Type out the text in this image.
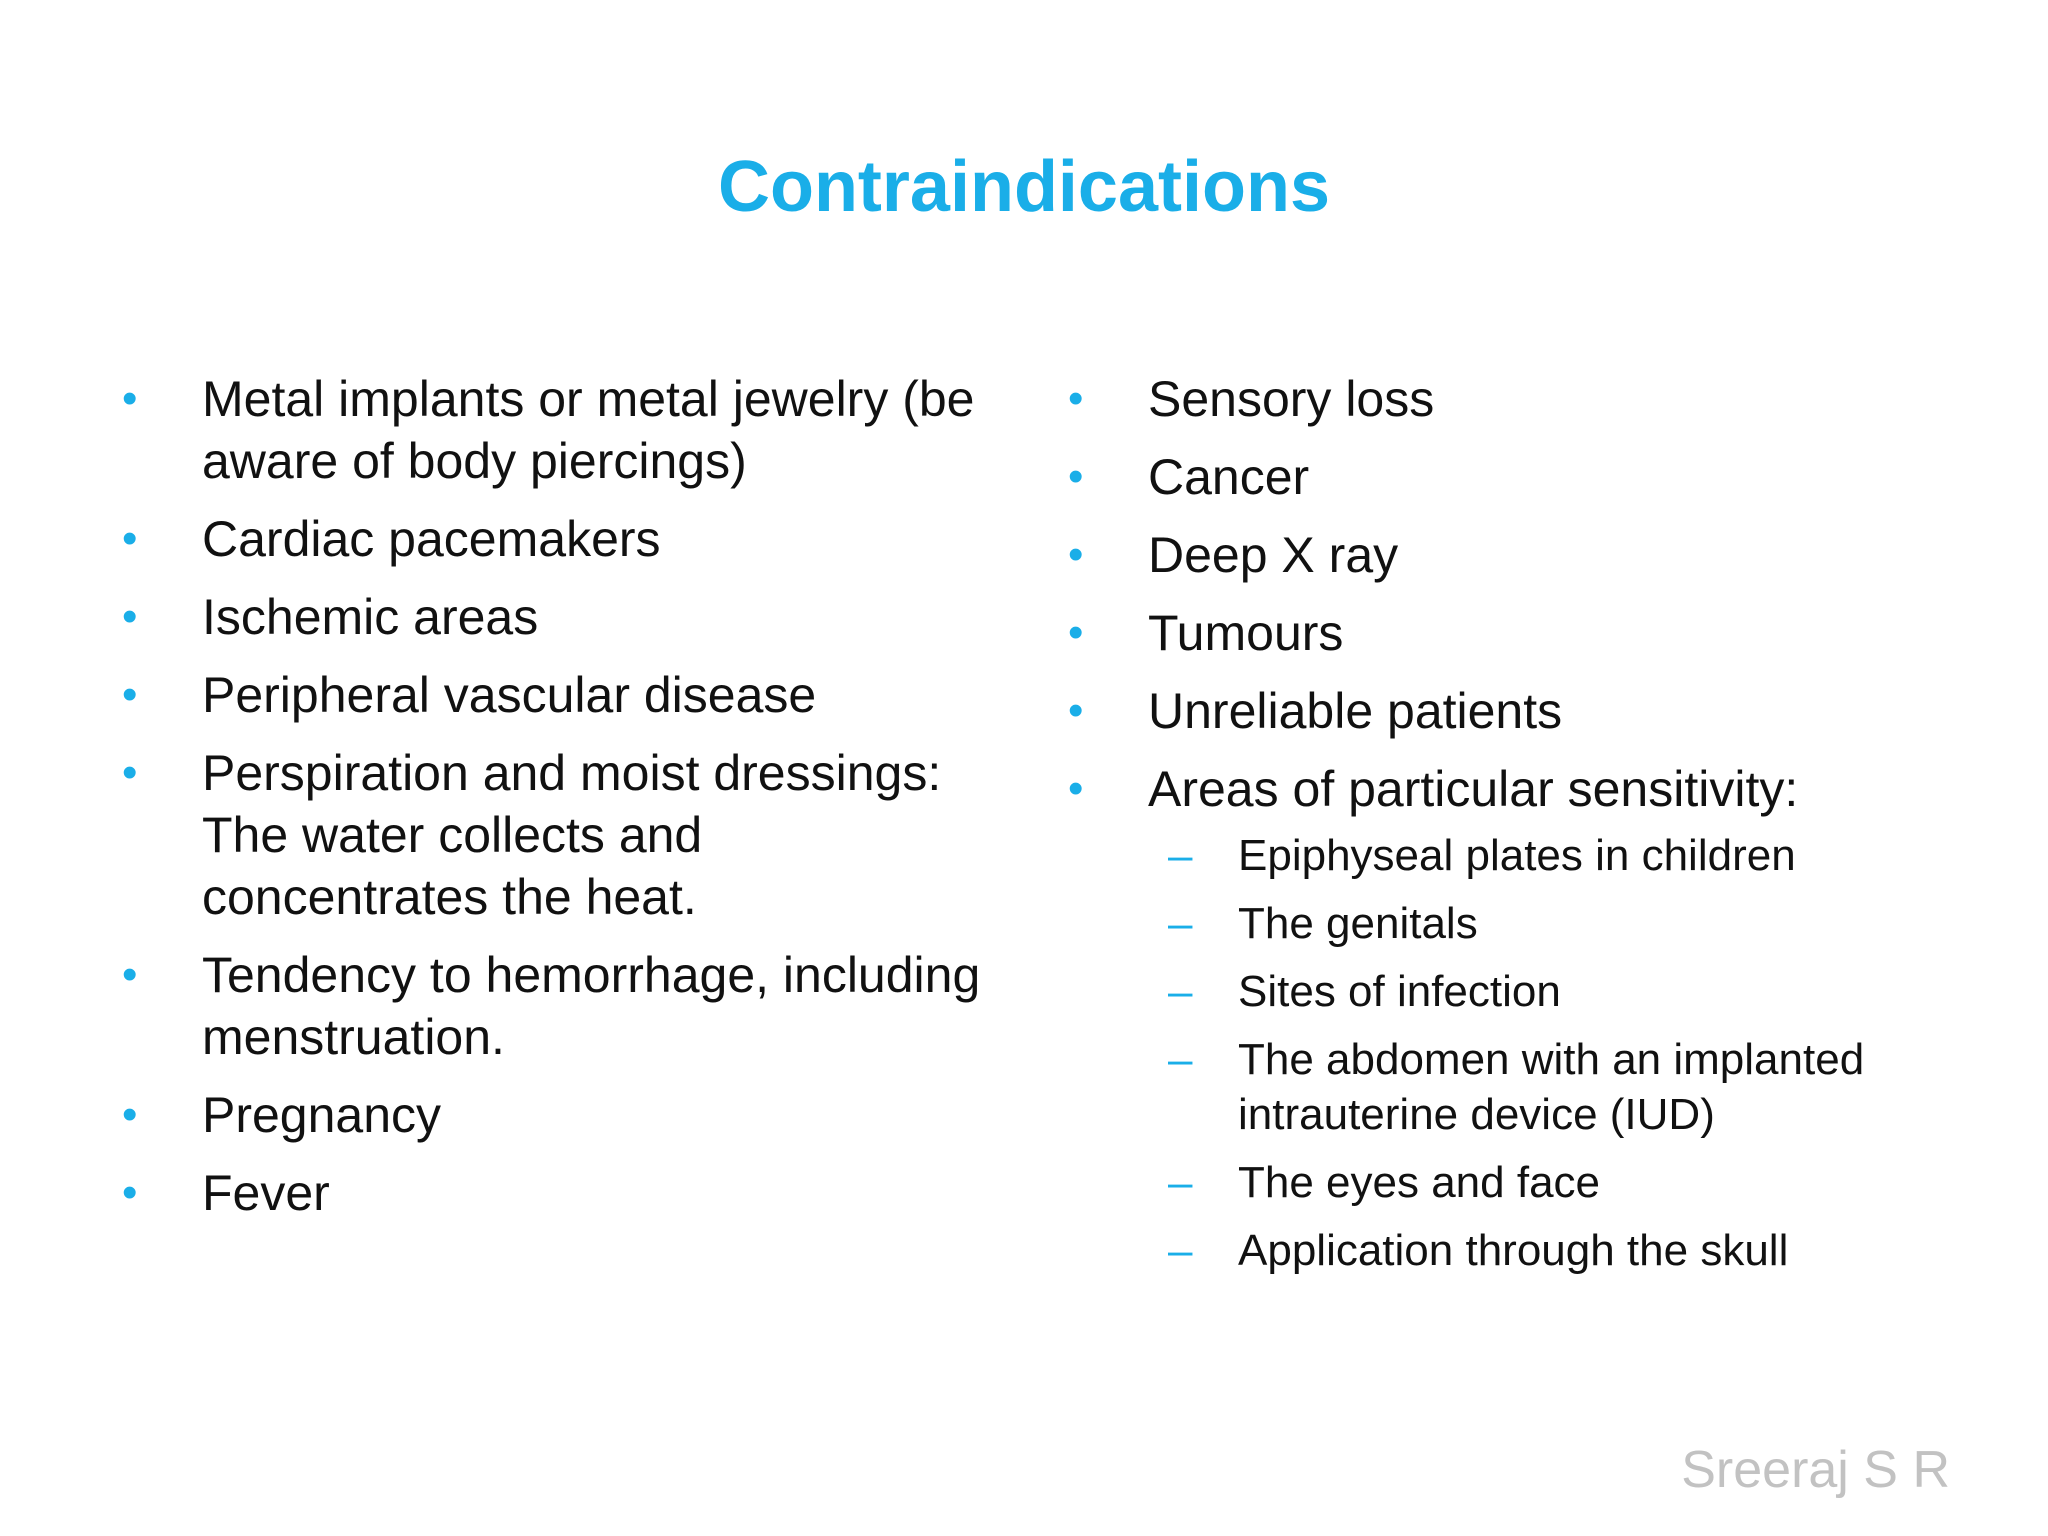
Contraindications
•	Metal implants or metal jewelry (be aware of body piercings)
•	Cardiac pacemakers
•	Ischemic areas
•	Peripheral vascular disease
•	Perspiration and moist dressings: The water collects and concentrates the heat.
•	Tendency to hemorrhage, including menstruation.
•	Pregnancy
•	Fever
•	Sensory loss
•	Cancer
•	Deep X ray
•	Tumours
•	Unreliable patients
•	Areas of particular sensitivity:
–	Epiphyseal plates in children
–	The genitals
–	Sites of infection
–	The abdomen with an implanted intrauterine device (IUD)
–	The eyes and face
–	Application through the skull
Sreeraj S R
